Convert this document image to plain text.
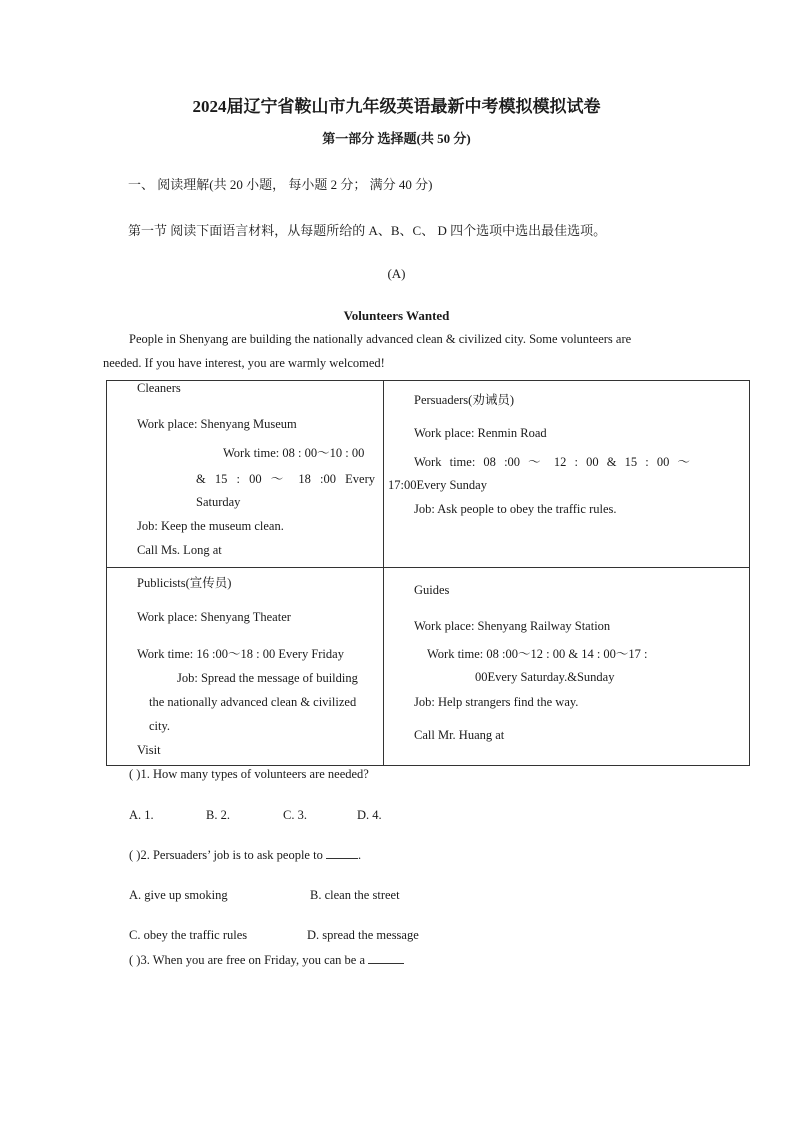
2024届辽宁省鞍山市九年级英语最新中考模拟模拟试卷
第一部分 选择题(共 50 分)
一、 阅读理解(共 20 小题， 每小题 2 分； 满分 40 分)
第一节 阅读下面语言材料，从每题所给的 A、B、C、 D 四个选项中选出最佳选项。
(A)
Volunteers Wanted
People in Shenyang are building the nationally advanced clean & civilized city. Some volunteers are
needed. If you have interest, you are warmly welcomed!
Cleaners
Work place: Shenyang Museum
Work time: 08 : 00～10 : 00
& 15 : 00 ～ 18 :00 Every
Saturday
Job: Keep the museum clean.
Call Ms. Long at
Persuaders(劝诫员)
Work place: Renmin Road
Work time: 08 :00 ～ 12 : 00 & 15 : 00 ～
17:00Every Sunday
Job: Ask people to obey the traffic rules.
Publicists(宣传员)
Work place: Shenyang Theater
Work time: 16 :00～18 : 00 Every Friday
Job: Spread the message of building
the nationally advanced clean & civilized
city.
Visit
Guides
Work place: Shenyang Railway Station
Work time: 08 :00～12 : 00 & 14 : 00～17 :
00Every Saturday.&Sunday
Job: Help strangers find the way.
Call Mr. Huang at
( )1. How many types of volunteers are needed?
A. 1.	B. 2.	C. 3.	D. 4.
( )2. Persuaders’ job is to ask people to	.
A. give up smoking	B. clean the street
C. obey the traffic rules	D. spread the message
( )3. When you are free on Friday, you can be a
